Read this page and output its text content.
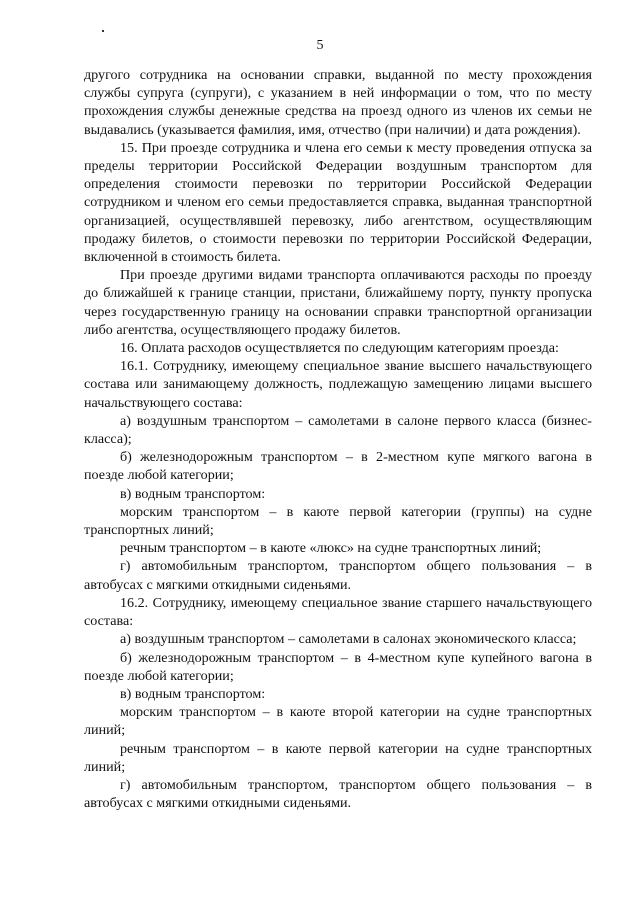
5

другого сотрудника на основании справки, выданной по месту прохождения службы супруга (супруги), с указанием в ней информации о том, что по месту прохождения службы денежные средства на проезд одного из членов их семьи не выдавались (указывается фамилия, имя, отчество (при наличии) и дата рождения).

15. При проезде сотрудника и члена его семьи к месту проведения отпуска за пределы территории Российской Федерации воздушным транспортом для определения стоимости перевозки по территории Российской Федерации сотрудником и членом его семьи предоставляется справка, выданная транспортной организацией, осуществлявшей перевозку, либо агентством, осуществляющим продажу билетов, о стоимости перевозки по территории Российской Федерации, включенной в стоимость билета.

При проезде другими видами транспорта оплачиваются расходы по проезду до ближайшей к границе станции, пристани, ближайшему порту, пункту пропуска через государственную границу на основании справки транспортной организации либо агентства, осуществляющего продажу билетов.

16. Оплата расходов осуществляется по следующим категориям проезда:

16.1. Сотруднику, имеющему специальное звание высшего начальствующего состава или занимающему должность, подлежащую замещению лицами высшего начальствующего состава:

а) воздушным транспортом – самолетами в салоне первого класса (бизнес-класса);

б) железнодорожным транспортом – в 2-местном купе мягкого вагона в поезде любой категории;

в) водным транспортом:

морским транспортом – в каюте первой категории (группы) на судне транспортных линий;

речным транспортом – в каюте «люкс» на судне транспортных линий;

г) автомобильным транспортом, транспортом общего пользования – в автобусах с мягкими откидными сиденьями.

16.2. Сотруднику, имеющему специальное звание старшего начальствующего состава:

а) воздушным транспортом – самолетами в салонах экономического класса;

б) железнодорожным транспортом – в 4-местном купе купейного вагона в поезде любой категории;

в) водным транспортом:

морским транспортом – в каюте второй категории на судне транспортных линий;

речным транспортом – в каюте первой категории на судне транспортных линий;

г) автомобильным транспортом, транспортом общего пользования – в автобусах с мягкими откидными сиденьями.
